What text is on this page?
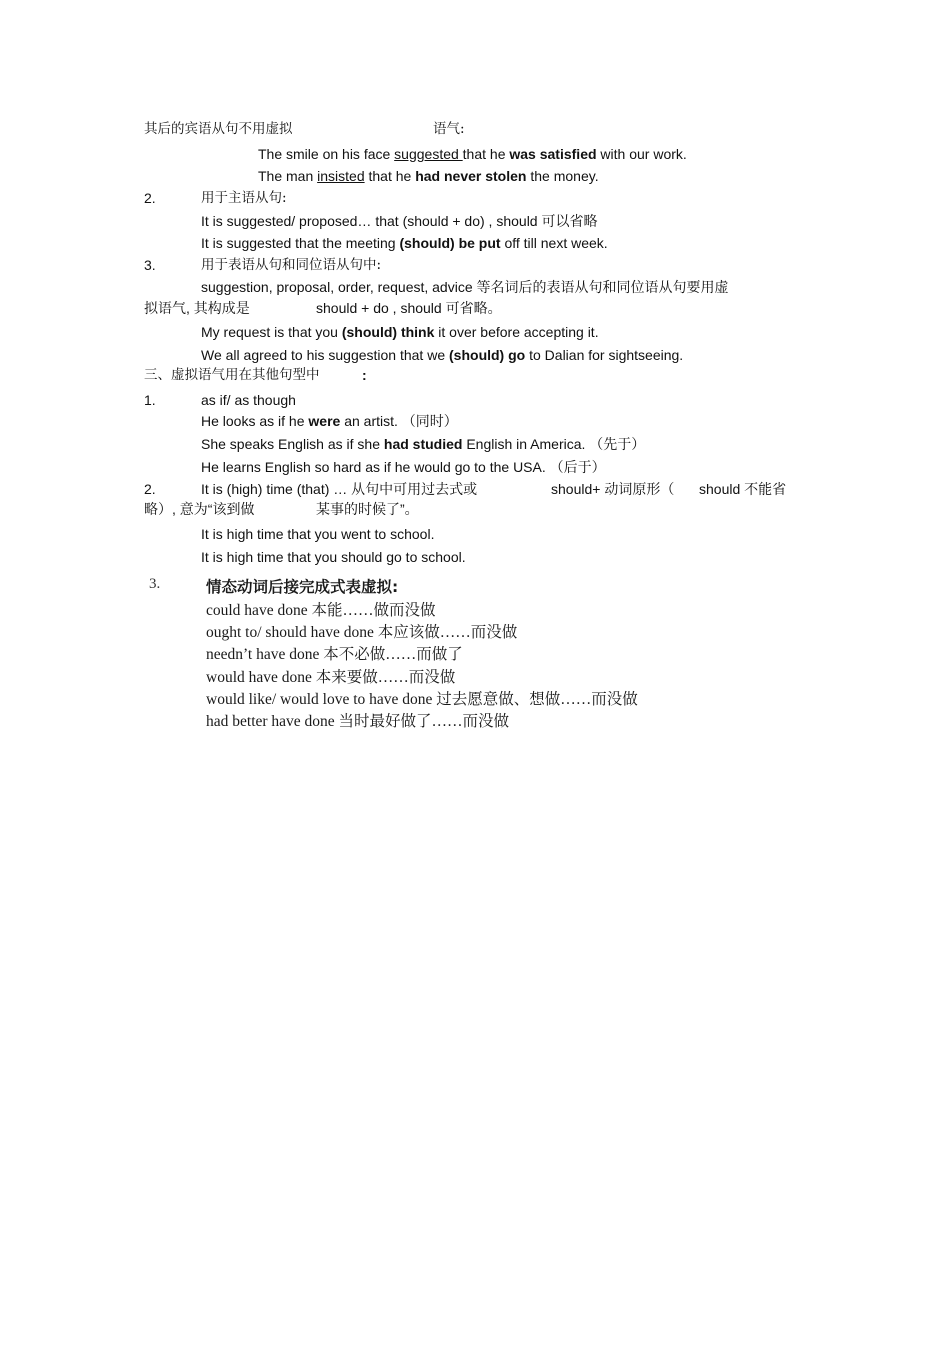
其后的宾语从句不用虚拟	语气:
The smile on his face suggested that he was satisfied with our work.
The man insisted that he had never stolen the money.
2.	用于主语从句:
It is suggested/ proposed… that (should + do) , should 可以省略
It is suggested that the meeting (should) be put off till next week.
3.	用于表语从句和同位语从句中:
suggestion, proposal, order, request, advice 等名词后的表语从句和同位语从句要用虚
拟语气, 其构成是	should + do , should 可省略。
My request is that you (should) think it over before accepting it.
We all agreed to his suggestion that we (should) go to Dalian for sightseeing.
三、虚拟语气用在其他句型中	:
1.	as if/ as though
He looks as if he were an artist. （同时）
She speaks English as if she had studied English in America. （先于）
He learns English so hard as if he would go to the USA. （后于）
2.	It is (high) time (that) … 从句中可用过去式或	should+ 动词原形（ should 不能省
略）, 意为“该到做	某事的时候了”。
It is high time that you went to school.
It is high time that you should go to school.
3.	情态动词后接完成式表虚拟:
could have done 本能……做而没做
ought to/ should have done 本应该做……而没做
needn’t have done 本不必做……而做了
would have done 本来要做……而没做
would like/ would love to have done 过去愿意做、想做……而没做
had better have done 当时最好做了……而没做
